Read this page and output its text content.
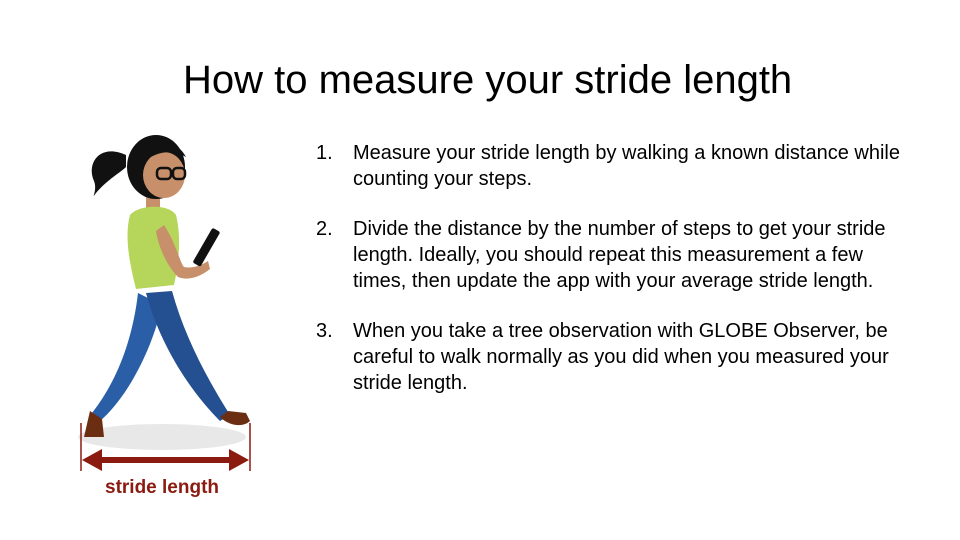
How to measure your stride length
stride length
1. Measure your stride length by walking a known distance while counting your steps.
2. Divide the distance by the number of steps to get your stride length. Ideally, you should repeat this measurement a few times, then update the app with your average stride length.
3. When you take a tree observation with GLOBE Observer, be careful to walk normally as you did when you measured your stride length.
